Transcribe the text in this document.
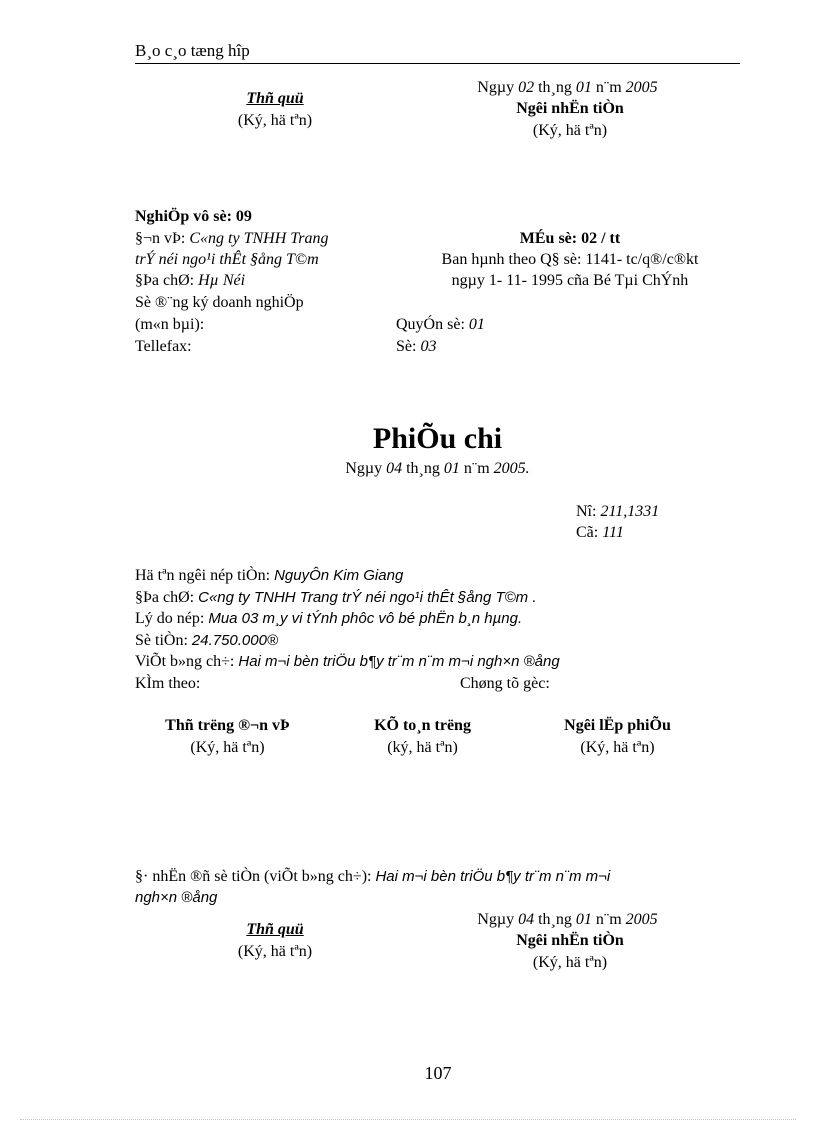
B¸o c¸o tæng hîp
Ngµy 02 th¸ng 01 n¨m 2005
Thñ quü
(Ký, hä tªn)
Ngêi nhËn tiÒn
(Ký, hä tªn)
NghiÖp vô sè: 09
§¬n vÞ: C«ng ty TNHH Trang
trÝ néi ngo¹i thÊt §ång T©m
§Þa chØ: Hµ Néi
Sè ®¨ng ký doanh nghiÖp
(m«n bµi):
Tellefax:
MÉu sè: 02 / tt
Ban hµnh theo Q§ sè: 1141- tc/q®/c®kt
ngµy 1- 11- 1995 cña Bé Tµi ChÝnh
QuyÓn sè: 01
Sè: 03
PhiÕu chi
Ngµy 04 th¸ng 01 n¨m 2005.
Nî: 211,1331
Cã: 111
Hä tªn ngêi nép tiÒn: NguyÔn Kim Giang
§Þa chØ: C«ng ty TNHH Trang trÝ néi ngo¹i thÊt §ång T©m .
Lý do nép: Mua 03 m¸y vi tÝnh phôc vô bé phËn b¸n hµng.
Sè tiÒn: 24.750.000®
ViÕt b»ng ch÷: Hai m¬i bèn triÖu b¶y tr¨m n¨m m¬i ngh×n ®ång
KÌm theo:	Chøng tõ gèc:
Thñ trëng ®¬n vÞ
(Ký, hä tªn)
KÕ to¸n trëng
(ký, hä tªn)
Ngêi lËp phiÕu
(Ký, hä tªn)
§· nhËn ®ñ sè tiÒn (viÕt b»ng ch÷): Hai m¬i bèn triÖu b¶y tr¨m n¨m m¬i
ngh×n ®ång
Ngµy 04 th¸ng 01 n¨m 2005
Thñ quü
(Ký, hä tªn)
Ngêi nhËn tiÒn
(Ký, hä tªn)
107
